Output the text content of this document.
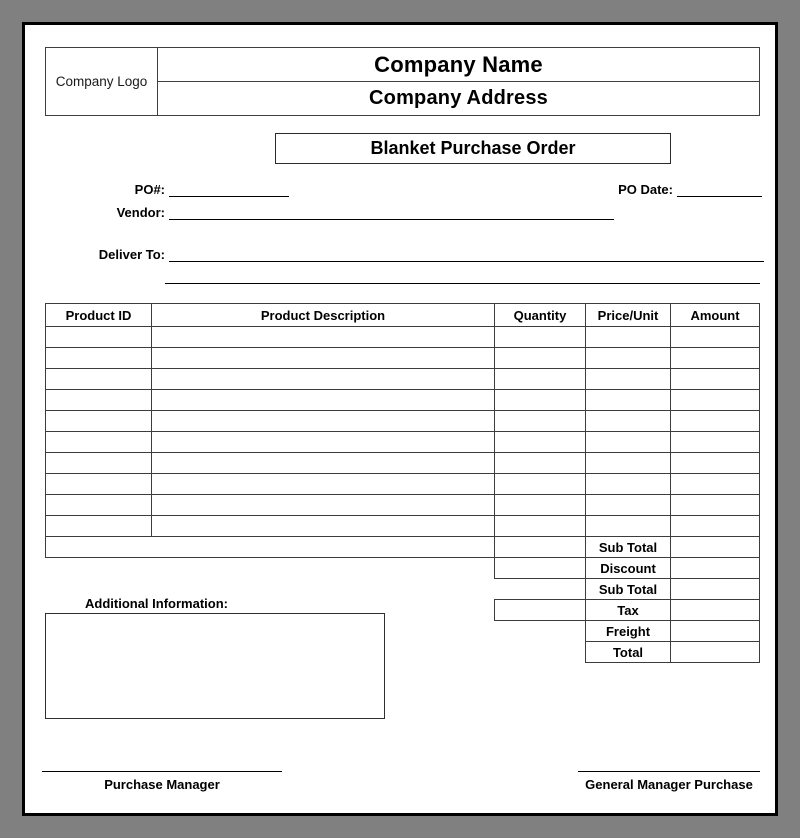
Company Logo	Company Name
Company Address
Blanket Purchase Order
PO#:	PO Date:
Vendor:
Deliver To:
Product ID	Product Description	Quantity	Price/Unit	Amount

			Sub Total	
			Discount	
			Sub Total	
			Tax	
			Freight	
			Total	
Additional Information:
Purchase Manager	General Manager Purchase
